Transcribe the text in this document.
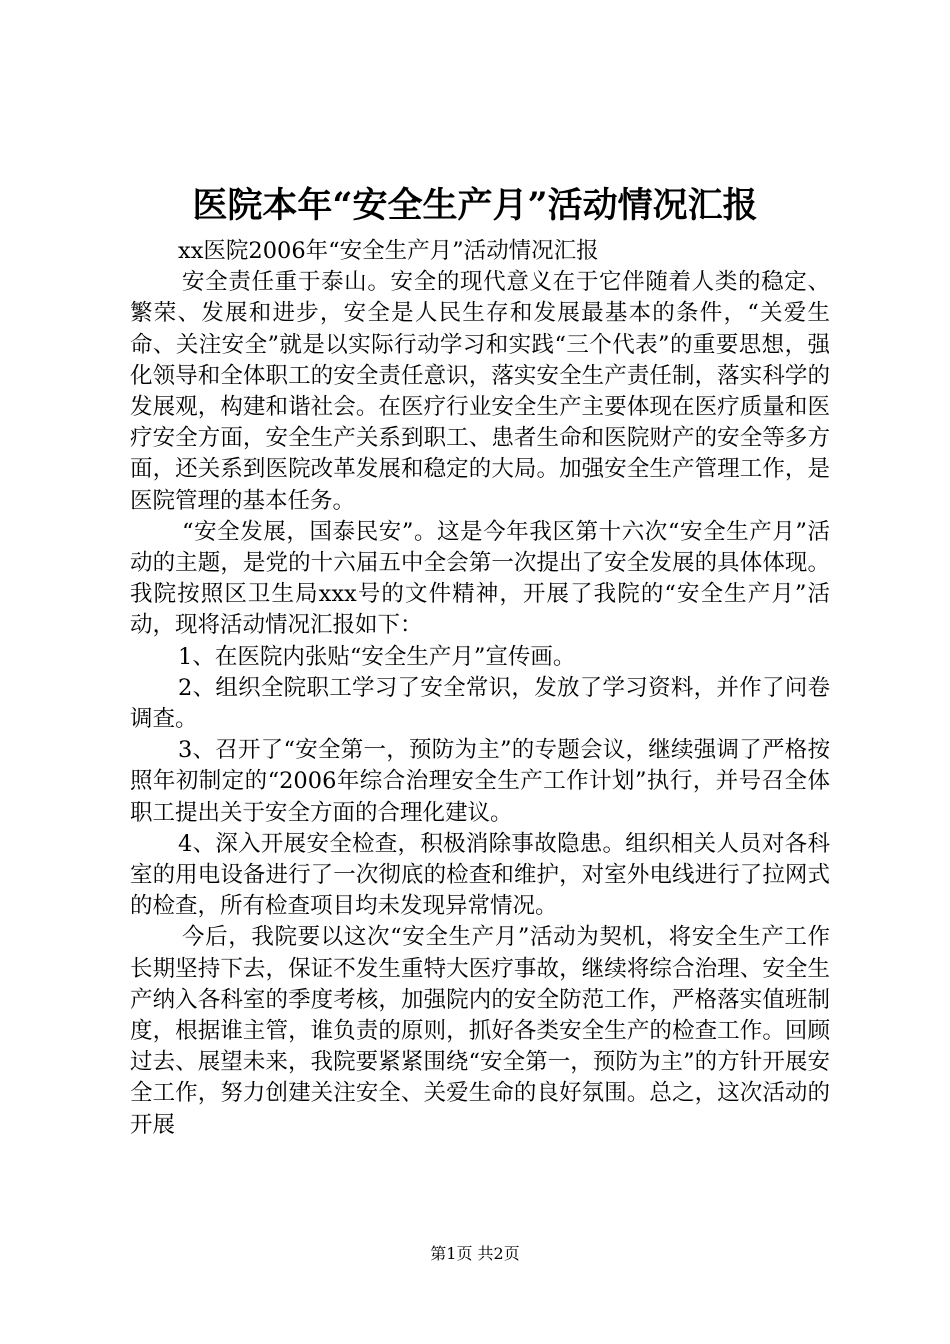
医院本年“安全生产月”活动情况汇报

xx医院2006年“安全生产月”活动情况汇报

安全责任重于泰山。安全的现代意义在于它伴随着人类的稳定、繁荣、发展和进步，安全是人民生存和发展最基本的条件，“关爱生命、关注安全”就是以实际行动学习和实践“三个代表”的重要思想，强化领导和全体职工的安全责任意识，落实安全生产责任制，落实科学的发展观，构建和谐社会。在医疗行业安全生产主要体现在医疗质量和医疗安全方面，安全生产关系到职工、患者生命和医院财产的安全等多方面，还关系到医院改革发展和稳定的大局。加强安全生产管理工作，是医院管理的基本任务。

“安全发展，国泰民安”。这是今年我区第十六次“安全生产月”活动的主题，是党的十六届五中全会第一次提出了安全发展的具体体现。我院按照区卫生局xxx号的文件精神，开展了我院的“安全生产月”活动，现将活动情况汇报如下：

1、在医院内张贴“安全生产月”宣传画。

2、组织全院职工学习了安全常识，发放了学习资料，并作了问卷调查。

3、召开了“安全第一，预防为主”的专题会议，继续强调了严格按照年初制定的“2006年综合治理安全生产工作计划”执行，并号召全体职工提出关于安全方面的合理化建议。

4、深入开展安全检查，积极消除事故隐患。组织相关人员对各科室的用电设备进行了一次彻底的检查和维护，对室外电线进行了拉网式的检查，所有检查项目均未发现异常情况。

今后，我院要以这次“安全生产月”活动为契机，将安全生产工作长期坚持下去，保证不发生重特大医疗事故，继续将综合治理、安全生产纳入各科室的季度考核，加强院内的安全防范工作，严格落实值班制度，根据谁主管，谁负责的原则，抓好各类安全生产的检查工作。回顾过去、展望未来，我院要紧紧围绕“安全第一，预防为主”的方针开展安全工作，努力创建关注安全、关爱生命的良好氛围。总之，这次活动的开展

第1页 共2页
